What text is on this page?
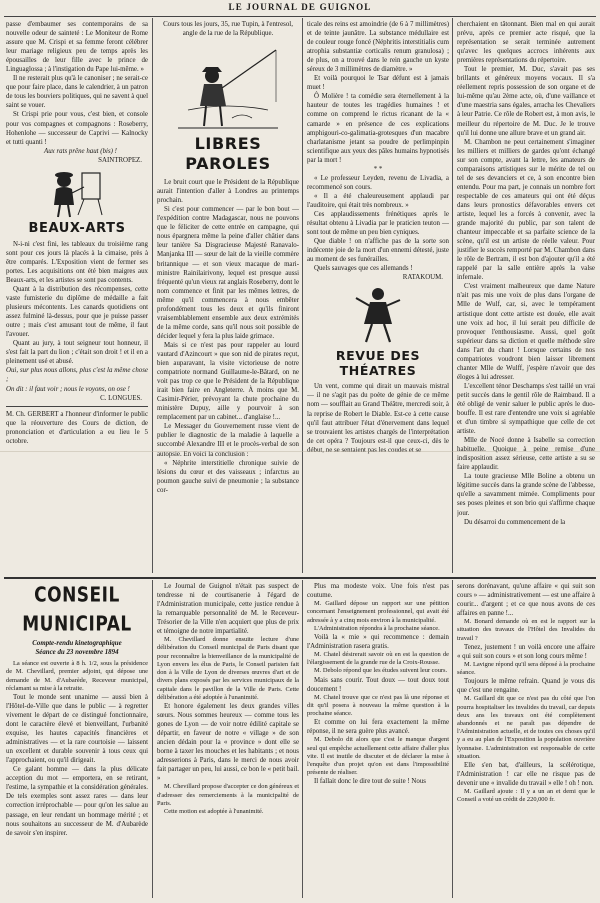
LE JOURNAL DE GUIGNOL

passe d'embaumer ses contemporains de sa nouvelle odeur de sainteté : Le Moniteur de Rome assure que M. Crispi et sa femme feront célébrer leur mariage religieux peu de temps après les épousailles de leur fille avec le prince de Linguaglossa ; à l'instigation du Pape lui-même. »

Il ne resterait plus qu'à le canoniser ; ne serait-ce que pour faire place, dans le calendrier, à un patron de tous les bouviers politiques, qui ne savent à quel saint se vouer.

St Crispi prie pour vous, c'est bien, et console pour vos compagnes et compagnons : Roseberry, Hohenlohe — successeur de Caprivi — Kalnocky et tutti quanti !

Aux rats prêne haut (bis) !

SAINTROPEZ.
BEAUX-ARTS

N-i-ni c'est fini, les tableaux du troisième rang sont pour ces jours là placés à la cimaise, près à être comparés. L'Exposition vient de fermer ses portes. Les acquisitions ont été bien maigres aux Beaux-arts, et les artistes se sont pas contents.

Quant à la distribution des récompenses, cette vaste fumisterie du diplôme de médaille a fait plusieurs mécontents. Les canards quotidiens ont assez fulminé là-dessus, pour que je puisse passer outre ; mais c'est amusant tout de même, il faut l'avouer.

Quant au jury, à tout seigneur tout honneur, il s'est fait la part du lion ; c'était son droit ! et il en a pleinement usé et abusé.

Oui, sur plus nous allons, plus c'est la même chose ;

On dit : il faut voir ; nous le voyons, on ose !

C. LONGUES.

M. Ch. GERBERT a l'honneur d'informer le public que la réouverture des Cours de diction, de prononciation et d'articulation a eu lieu le 5 octobre.

Cours tous les jours, 35, rue Tupin, à l'entresol, angle de la rue de la République.

LIBRES PAROLES

Le bruit court que le Président de la République aurait l'intention d'aller à Londres au printemps prochain.

Si c'est pour commencer — par le bon bout — l'expédition contre Madagascar, nous ne pouvons que le féliciter de cette entrée en campagne, qui nous épargnera même la peine d'aller châtier dans leur tanière Sa Disgracieuse Majesté Ranavalo-Manjanka III — sœur de lait de la vieille commère britannique — et son vieux macaque de mari-ministre Rainilairivony, lequel est presque aussi fréquenté qu'un vieux rat anglais Roseberry, dont le nom commence et finit par les mêmes lettres, de même qu'il commencera à nous embêter profondément tous les deux et qu'ils finiront vraisemblablement ensemble aux deux extrémités de la même corde, sans qu'il nous soit possible de décider lequel y fera la plus laide grimace.

Mais si ce n'est pas pour rappeler au lourd vautard d'Azincourt » que son nid de pirates reçut, bien auparavant, la visite victorieuse de notre compatriote normand Guillaume-le-Bâtard, on ne voit pas trop ce que le Président de la République irait bien faire en Angleterre. À moins que M. Casimir-Périer, prévoyant la chute prochaine du ministère Dupuy, aille y pourvoir à son remplacement par un cabinet... d'anglaise !...

Le Messager du Gouvernement russe vient de publier le diagnostic de la maladie à laquelle a succombé Alexandre III et le procès-verbal de son autopsie. En voici la conclusion :

« Néphrite interstitielle chronique suivie de lésions du cœur et des vaisseaux ; infarctus au poumon gauche suivi de pneumonie ; la substance cor-

ticale des reins est amoindrie (de 6 à 7 millimètres) et de teinte jaunâtre. La substance médullaire est de couleur rouge foncé (Néphritis interstitialis cum atrophia substantiæ corticalis renum granulosa) ; de plus, on a trouvé dans le rein gauche un kyste séreux de 3 millimètres de diamètre. »

Et voilà pourquoi le Tsar défunt est à jamais muet !

Ô Molière ! ta comédie sera éternellement à la hauteur de toutes les tragédies humaines ! et comme on comprend le rictus ricanant de la « camarde » en présence de ces explications amphigouri-co-galimatia-grotesques d'un macabre charlatanisme jetant sa poudre de perlimpinpin scientifique aux yeux des pâles humains hypnotisés par la mort !

* *

« Le professeur Leyden, revenu de Livadia, a recommencé son cours.

« Il a été chaleureusement applaudi par l'auditoire, qui était très nombreux. »

Ces applaudissements frénétiques après le résultat obtenu à Livadia par le praticien teuton — sont tout de même un peu bien cyniques.

Que diable ! on n'affiche pas de la sorte son indécente joie de la mort d'un ennemi détesté, juste au moment de ses funérailles.

Quels sauvages que ces allemands !

RATAKOUM.
REVUE DES THÉATRES

Un vent, comme qui dirait un mauvais mistral — il ne s'agit pas du poète de génie de ce même nom — soufflait au Grand Théâtre, mercredi soir, à la reprise de Robert le Diable. Est-ce à cette cause qu'il faut attribuer l'état d'énervement dans lequel se trouvaient les artistes chargés de l'interprétation de cet opéra ? Toujours est-il que ceux-ci, dès le début, ne se sentaient pas les coudes et se

cherchaient en tâtonnant. Bien mal en qui aurait prévu, après ce premier acte risqué, que la représentation se serait terminée autrement qu'avec les quelques accrocs inhérents aux premières représentations du répertoire.

Tout le premier, M. Duc, s'avait pas ses brillants et généreux moyens vocaux. Il s'a réellement repris possession de son organe et de lui-même qu'au 2ème acte, où, d'une vaillance et d'une maestria sans égales, arracha les Chevaliers à leur Patrie. Ce rôle de Robert est, à mon avis, le meilleur du répertoire de M. Duc. Je le trouve qu'il lui donne une allure brave et un grand air.

M. Chambon ne peut certainement s'imaginer les milliers et milliers de gardes qu'ont échangé sur son compte, avant la lettre, les amateurs de comparaisons artistiques sur le mérite de tel ou tel de ses devanciers et ce, à son encontre bien entendu. Pour ma part, je connais un nombre fort respectable de ces amateurs qui ont été déçus dans leurs pronostics défavorables envers cet artiste, lequel les a forcés à convenir, avec la grande majorité du public, par son talent de chanteur impeccable et sa parfaite science de la scène, qu'il est un artiste de réelle valeur. Pour justifier le succès remporté par M. Chambon dans le rôle de Bertram, il est bon d'ajouter qu'il a été rappelé par la salle entière après la valse infernale.

C'est vraiment malheureux que dame Nature n'ait pas mis une voix de plus dans l'organe de Mlle de Wulf, car, si, avec le tempérament artistique dont cette artiste est douée, elle avait une voix ad hoc, il lui serait peu difficile de provoquer l'enthousiasme. Aussi, quel goût supérieur dans sa diction et quelle méthode sûre dans l'art du chant ! Lorsque certains de nos compatriotes voudront bien laisser librement chanter Mlle de Wulff, j'espère n'avoir que des éloges à lui adresser.

L'excellent ténor Deschamps s'est taillé un vrai petit succès dans le gentil rôle de Raimbaud. Il a été obligé de venir saluer le public après le duo-bouffe. Il est rare d'entendre une voix si agréable et d'un timbre si sympathique que celle de cet artiste.

Mlle de Nocé donne à Isabelle sa correction habituelle. Quoique à peine remise d'une indisposition assez sérieuse, cette artiste a su se faire applaudir.

La toute gracieuse Mlle Boline a obtenu un légitime succès dans la grande scène de l'abbesse, qu'elle a savamment mimée. Compliments pour ses poses pleines et son brio qui s'affirme chaque jour.

Du désarroi du commencement de la

CONSEIL MUNICIPAL
Compte-rendu kinetographique
Séance du 23 novembre 1894

La séance est ouverte à 8 h. 1/2, sous la présidence de M. Chevillard, premier adjoint, qui dépose une demande de M. d'Aubarède, Receveur municipal, réclamant sa mise à la retraite.

Tout le monde sent unanime — aussi bien à l'Hôtel-de-Ville que dans le public — à regretter vivement le départ de ce distingué fonctionnaire, dont le caractère élevé et bienveillant, l'urbanité exquise, les hautes capacités financières et administratives — et la rare courtoisie — laissent un excellent et durable souvenir à tous ceux qui l'approchaient, ou qu'il dirigeait.

Ce galant homme — dans la plus délicate acception du mot — emportera, en se retirant, l'estime, la sympathie et la considération générales. De tels exemples sont assez rares — dans leur correction irréprochable — pour qu'on les salue au passage, en leur rendant un hommage mérité ; et nous souhaitons au successeur de M. d'Aubarède de savoir s'en inspirer.

Le Journal de Guignol n'était pas suspect de tendresse ni de courtisanerie à l'égard de l'Administration municipale, cette justice rendue à la remarquable personnalité de M. le Receveur-Trésorier de la Ville n'en acquiert que plus de prix et témoigne de notre impartialité.

M. Chevillard donne ensuite lecture d'une délibération du Conseil municipal de Paris disant que pour reconnaître la bienveillance de la municipalité de Lyon envers les élus de Paris, le Conseil parisien fait don à la Ville de Lyon de diverses œuvres d'art et de divers plans exposés par les services municipaux de la capitale dans le pavillon de la Ville de Paris. Cette délibération a été adoptée à l'unanimité.

Et honore également les deux grandes villes sœurs. Nous sommes heureux — comme tous les gones de Lyon — de voir notre édilité capitale se départir, en faveur de notre « village » de son ancien dédain pour la « province » dont elle se borne à taxer les mouches et les habitants ; et nous adresserions à Paris, dans le merci de nous avoir fait partager un peu, lui aussi, ce bon le « petit bail. »

M. Chevillard propose d'accepter ce don généreux et d'adresser des remerciements à la municipalité de Paris.

Cette motion est adoptée à l'unanimité.

Plus ma modeste voix. Une fois n'est pas coutume.

M. Gaillard dépose un rapport sur une pétition concernant l'enseignement professionnel, qui avait été adressée à y a cinq mois environ à la municipalité.

L'Administration répondra à la prochaine séance.

Voilà la « mie » qui recommence : demain l'Administration rasera gratis.

M. Chatel désirerait savoir où en est la question de l'élargissement de la grande rue de la Croix-Rousse.

M. Debolo répond que les études suivent leur cours.

Mais sans courir. Tout doux — tout doux tout doucement !

M. Chatel trouve que ce n'est pas là une réponse et dit qu'il posera à nouveau la même question à la prochaine séance.

Et comme on lui fera exactement la même réponse, il ne sera guère plus avancé.

M. Debolo dit alors que c'est le manque d'argent seul qui empêche actuellement cette affaire d'aller plus vite. Il est inutile de discuter et de déclarer la mise à l'enquête d'un projet qu'on est dans l'impossibilité présente de réaliser.

Il fallait donc le dire tout de suite ! Nous

serons dorénavant, qu'une affaire « qui suit son cours » — administrativement — est une affaire à courir... d'argent ; et ce que nous avons de ces affaires en panne !...

M. Bonard demande où en est le rapport sur la situation des travaux de l'Hôtel des Invalides du travail ?

Tenez, justement ! un voilà encore une affaire « qui suit son cours » et son long cours même !

M. Lavigne répond qu'il sera déposé à la prochaine séance.

Toujours le même refrain. Quand je vous dis que c'est une rengaine.

M. Gaillard dit que ce n'est pas du côté que l'on pourra hospitaliser les invalides du travail, car depuis deux ans les travaux ont été complètement abandonnés et ne paraît pas dépendre de l'Administration actuelle, et de toutes ces choses qu'il y a eu au plan de l'Exposition la population ouvrière lyonnaise. L'administration est responsable de cette situation.

Elle s'en bat, d'ailleurs, la scélérotique, l'Administration ! car elle ne risque pas de devenir une « invalide du travail » elle ! oh ! non.

M. Gaillard ajoute : Il y a un an et demi que le Conseil a voté un crédit de 220,000 fr.
